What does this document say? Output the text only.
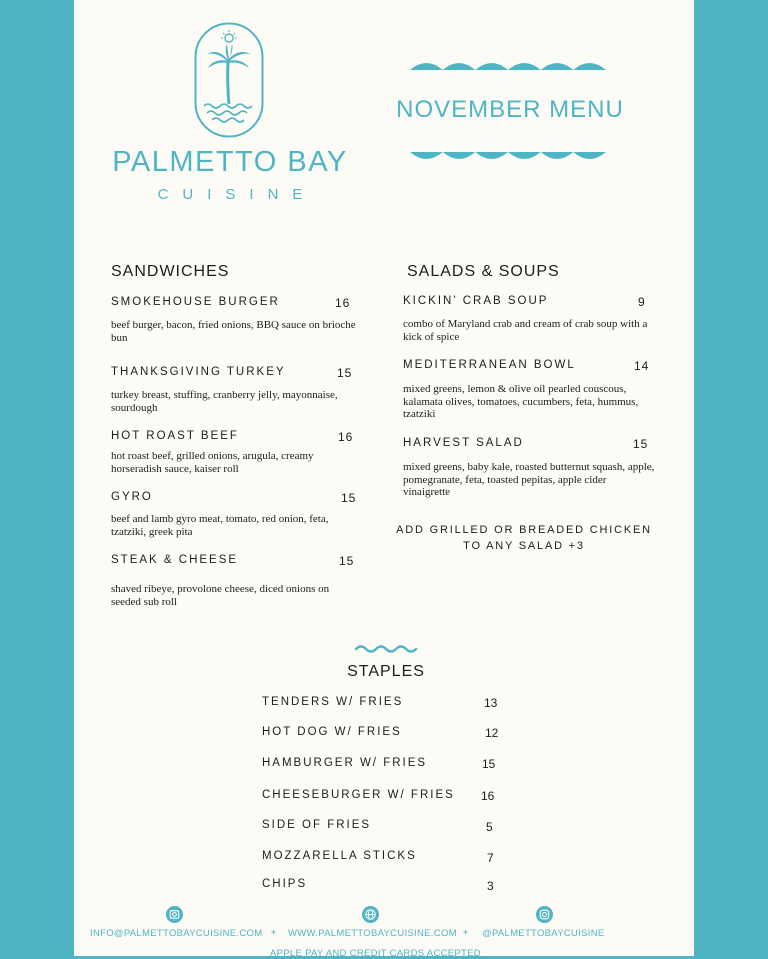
PALMETTO BAY
CUISINE
NOVEMBER MENU
SANDWICHES
SMOKEHOUSE BURGER	16
beef burger, bacon, fried onions, BBQ sauce on brioche bun
THANKSGIVING TURKEY	15
turkey breast, stuffing, cranberry jelly, mayonnaise, sourdough
HOT ROAST BEEF	16
hot roast beef, grilled onions, arugula, creamy horseradish sauce, kaiser roll
GYRO	15
beef and lamb gyro meat, tomato, red onion, feta, tzatziki, greek pita
STEAK & CHEESE	15
shaved ribeye, provolone cheese, diced onions on seeded sub roll
SALADS & SOUPS
KICKIN' CRAB SOUP	9
combo of Maryland crab and cream of crab soup with a kick of spice
MEDITERRANEAN BOWL	14
mixed greens, lemon & olive oil pearled couscous, kalamata olives, tomatoes, cucumbers, feta, hummus, tzatziki
HARVEST SALAD	15
mixed greens, baby kale, roasted butternut squash, apple, pomegranate, feta, toasted pepitas, apple cider vinaigrette
ADD GRILLED OR BREADED CHICKEN
TO ANY SALAD +3
STAPLES
TENDERS W/ FRIES	13
HOT DOG W/ FRIES	12
HAMBURGER W/ FRIES	15
CHEESEBURGER W/ FRIES 16
SIDE OF FRIES	5
MOZZARELLA STICKS	7
CHIPS	3
INFO@PALMETTOBAYCUISINE.COM * WWW.PALMETTOBAYCUISINE.COM * @PALMETTOBAYCUISINE
APPLE PAY AND CREDIT CARDS ACCEPTED
